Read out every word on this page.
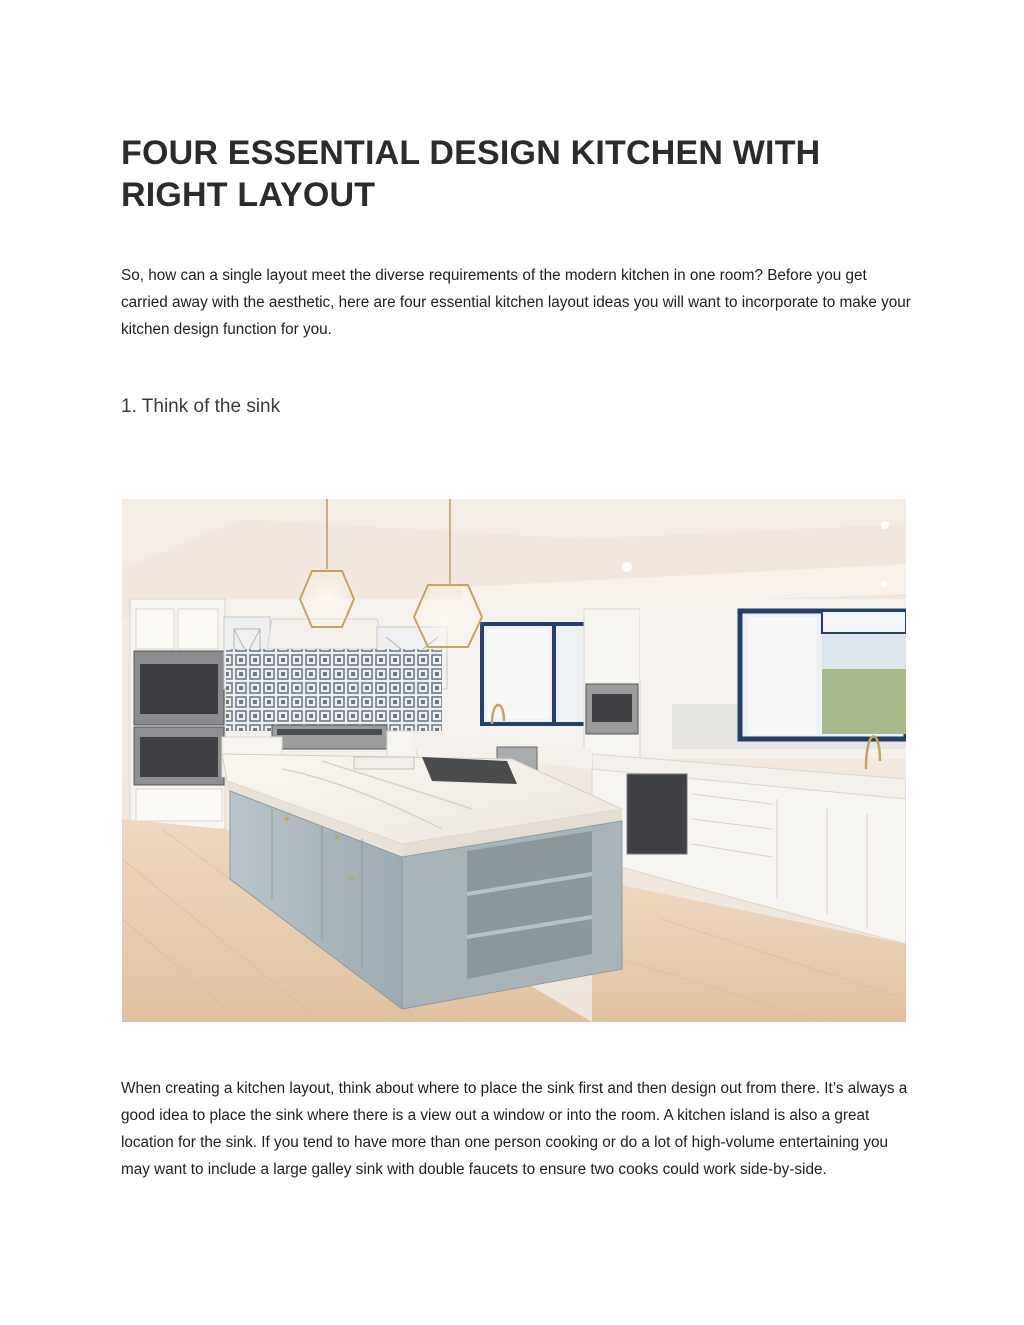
FOUR ESSENTIAL DESIGN KITCHEN WITH RIGHT LAYOUT

So, how can a single layout meet the diverse requirements of the modern kitchen in one room? Before you get carried away with the aesthetic, here are four essential kitchen layout ideas you will want to incorporate to make your kitchen design function for you.

1. Think of the sink

When creating a kitchen layout, think about where to place the sink first and then design out from there. It’s always a good idea to place the sink where there is a view out a window or into the room. A kitchen island is also a great location for the sink. If you tend to have more than one person cooking or do a lot of high-volume entertaining you may want to include a large galley sink with double faucets to ensure two cooks could work side-by-side.
